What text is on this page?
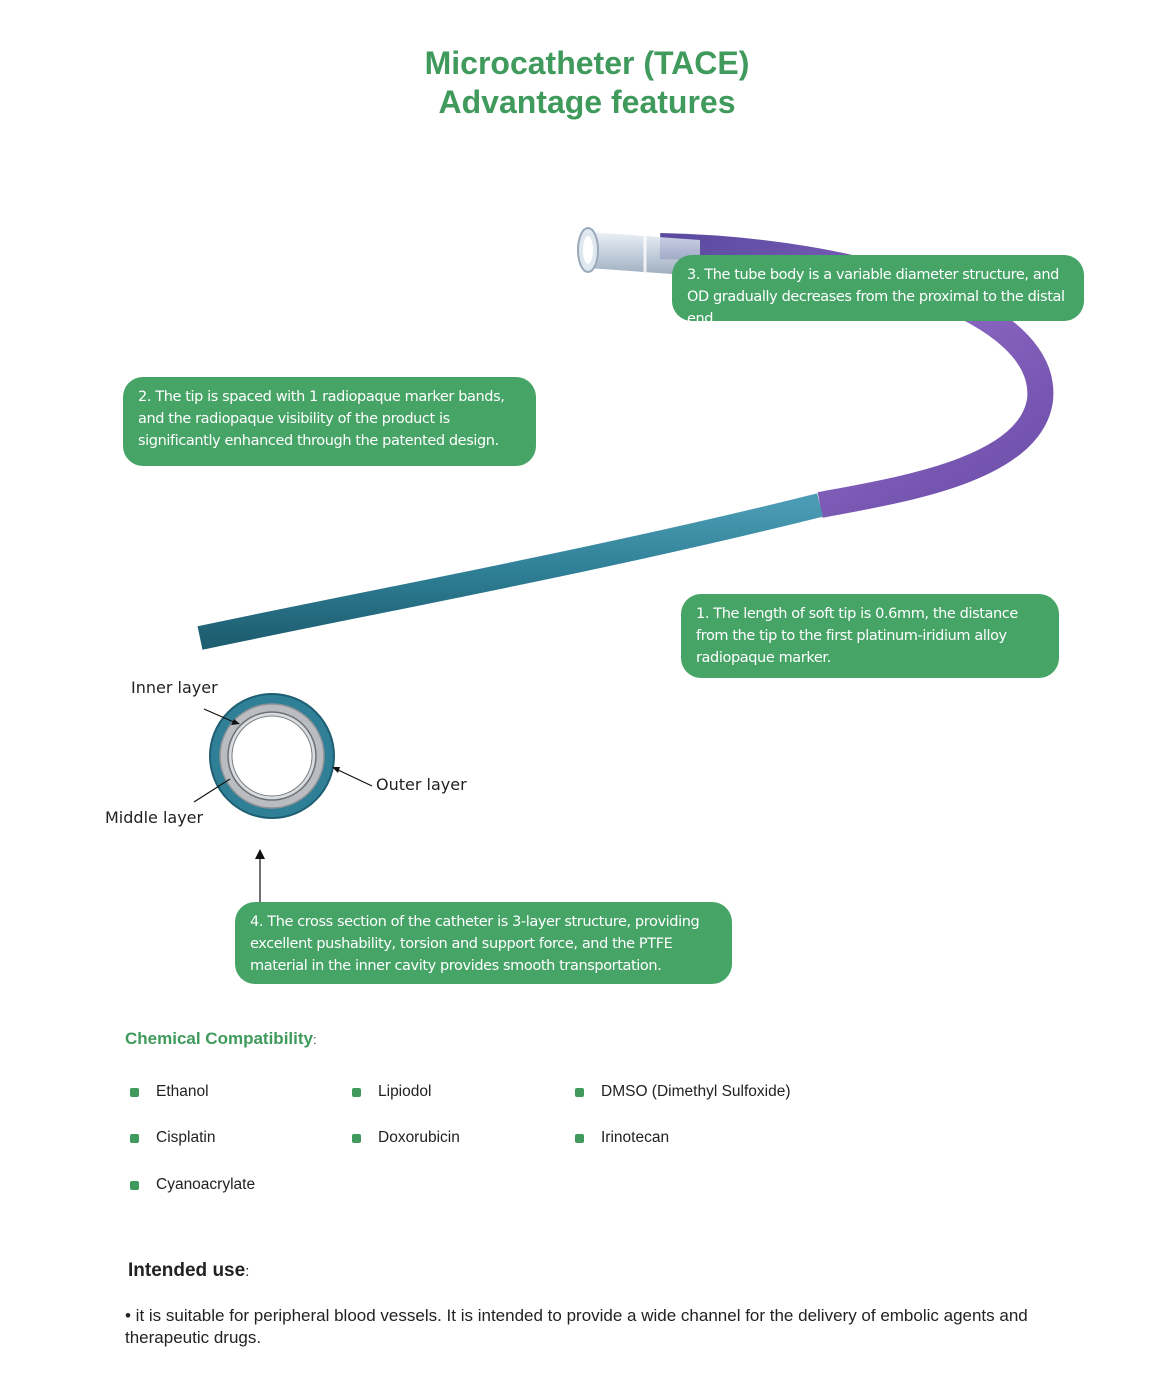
Microcatheter (TACE)
Advantage features
3. The tube body is a variable diameter structure, and OD gradually decreases from the proximal to the distal end.
2. The tip is spaced with 1 radiopaque marker bands, and the radiopaque visibility of the product is significantly enhanced through the patented design.
1. The length of soft tip is 0.6mm, the distance from the tip to the first platinum-iridium alloy radiopaque marker.
4. The cross section of the catheter is 3-layer structure, providing excellent pushability, torsion and support force, and the PTFE material in the inner cavity provides smooth transportation.
Inner layer
Middle layer
Outer layer
Chemical Compatibility:
Ethanol	Lipiodol	DMSO (Dimethyl Sulfoxide)
Cisplatin	Doxorubicin	Irinotecan
Cyanoacrylate
Intended use:
• it is suitable for peripheral blood vessels. It is intended to provide a wide channel for the delivery of embolic agents and therapeutic drugs.
